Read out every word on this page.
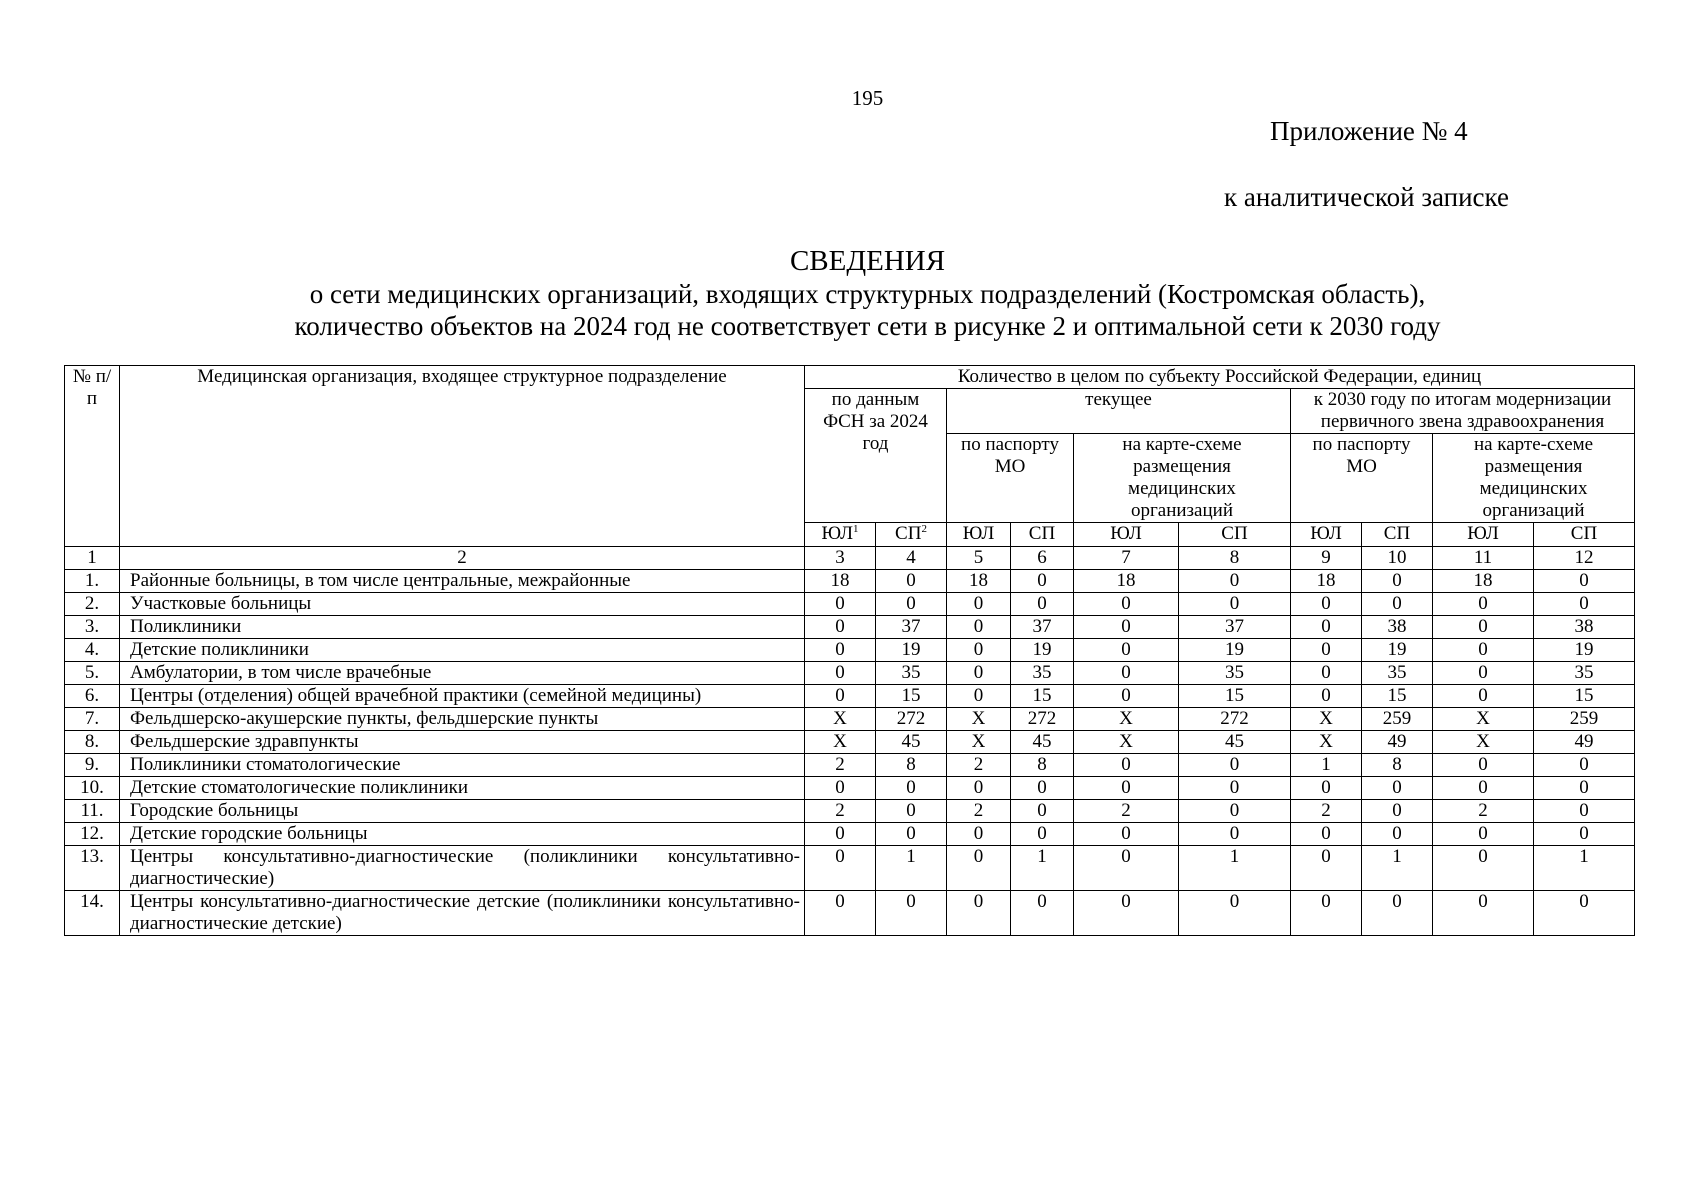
195
Приложение № 4
к аналитической записке
СВЕДЕНИЯ
о сети медицинских организаций, входящих структурных подразделений (Костромская область),
количество объектов на 2024 год не соответствует сети в рисунке 2 и оптимальной сети к 2030 году
№ п/п	Медицинская организация, входящее структурное подразделение	Количество в целом по субъекту Российской Федерации, единиц									
		по данным ФСН за 2024 год		текущее				к 2030 году по итогам модернизации первичного звена здравоохранения			
				по паспорту МО		на карте-схеме размещения медицинских организаций		по паспорту МО		на карте-схеме размещения медицинских организаций	

		$ЮЛ^1$	$СП^2$	ЮЛ	СП	ЮЛ	СП	ЮЛ	СП	ЮЛ	СП
1	2	3	4	5	6	7	8	9	10	11	12
1.	Районные больницы, в том числе центральные, межрайонные	18	0	18	0	18	0	18	0	18	0
2.	Участковые больницы	0	0	0	0	0	0	0	0	0	0
3.	Поликлиники	0	37	0	37	0	37	0	38	0	38
4.	Детские поликлиники	0	19	0	19	0	19	0	19	0	19
5.	Амбулатории, в том числе врачебные	0	35	0	35	0	35	0	35	0	35
6.	Центры (отделения) общей врачебной практики (семейной медицины)	0	15	0	15	0	15	0	15	0	15
7.	Фельдшерско-акушерские пункты, фельдшерские пункты	X	272	X	272	X	272	X	259	X	259
8.	Фельдшерские здравпункты	X	45	X	45	X	45	X	49	X	49
9.	Поликлиники стоматологические	2	8	2	8	0	0	1	8	0	0
10.	Детские стоматологические поликлиники	0	0	0	0	0	0	0	0	0	0
11.	Городские больницы	2	0	2	0	2	0	2	0	2	0
12.	Детские городские больницы	0	0	0	0	0	0	0	0	0	0
13.	Центры консультативно-диагностические (поликлиники консультативно-диагностические)	0	1	0	1	0	1	0	1	0	1
14.	Центры консультативно-диагностические детские (поликлиники консультативно-диагностические детские)	0	0	0	0	0	0	0	0	0	0
